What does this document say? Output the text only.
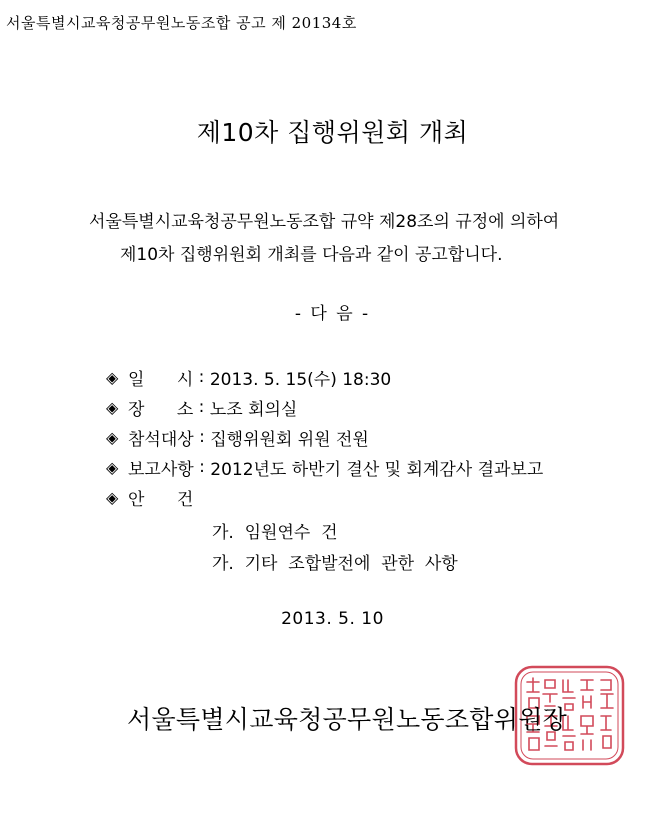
서울특별시교육청공무원노동조합 공고 제 20134호
제10차 집행위원회 개최
서울특별시교육청공무원노동조합 규약 제28조의 규정에 의하여
제10차 집행위원회 개최를 다음과 같이 공고합니다.
- 다 음 -
◈ 일      시 : 2013. 5. 15(수) 18:30
◈ 장      소 : 노조 회의실
◈ 참석대상 : 집행위원회 위원 전원
◈ 보고사항 : 2012년도 하반기 결산 및 회계감사 결과보고
◈ 안      건
가.  임원연수  건
가.  기타  조합발전에  관한  사항
2013. 5. 10
서울특별시교육청공무원노동조합위원장
